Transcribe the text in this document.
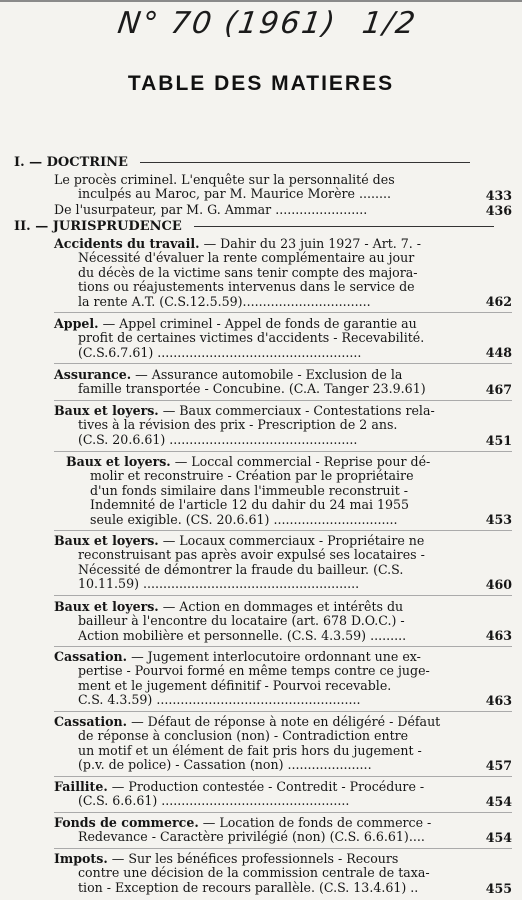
N° 70 (1961) 1/2
TABLE DES MATIERES
I. — DOCTRINE
Le procès criminel. L'enquête sur la personnalité des
inculpés au Maroc, par M. Maurice Morère ........	433
De l'usurpateur, par M. G. Ammar .......................	436
II. — JURISPRUDENCE
Accidents du travail. — Dahir du 23 juin 1927 - Art. 7. -
Nécessité d'évaluer la rente complémentaire au jour
du décès de la victime sans tenir compte des majora-
tions ou réajustements intervenus dans le service de
la rente A.T. (C.S.12.5.59)................................	462
Appel. — Appel criminel - Appel de fonds de garantie au
profit de certaines victimes d'accidents - Recevabilité.
(C.S.6.7.61) ...................................................	448
Assurance. — Assurance automobile - Exclusion de la
famille transportée - Concubine. (C.A. Tanger 23.9.61)	467
Baux et loyers. — Baux commerciaux - Contestations rela-
tives à la révision des prix - Prescription de 2 ans.
(C.S. 20.6.61) ...............................................	451
Baux et loyers. — Loccal commercial - Reprise pour dé-
molir et reconstruire - Création par le propriétaire
d'un fonds similaire dans l'immeuble reconstruit -
Indemnité de l'article 12 du dahir du 24 mai 1955
seule exigible. (CS. 20.6.61) ...............................	453
Baux et loyers. — Locaux commerciaux - Propriétaire ne
reconstruisant pas après avoir expulsé ses locataires -
Nécessité de démontrer la fraude du bailleur. (C.S.
10.11.59) ......................................................	460
Baux et loyers. — Action en dommages et intérêts du
bailleur à l'encontre du locataire (art. 678 D.O.C.) -
Action mobilière et personnelle. (C.S. 4.3.59) .........	463
Cassation. — Jugement interlocutoire ordonnant une ex-
pertise - Pourvoi formé en même temps contre ce juge-
ment et le jugement définitif - Pourvoi recevable.
C.S. 4.3.59) ...................................................	463
Cassation. — Défaut de réponse à note en déligéré - Défaut
de réponse à conclusion (non) - Contradiction entre
un motif et un élément de fait pris hors du jugement -
(p.v. de police) - Cassation (non) .....................	457
Faillite. — Production contestée - Contredit - Procédure -
(C.S. 6.6.61) ...............................................	454
Fonds de commerce. — Location de fonds de commerce -
Redevance - Caractère privilégié (non) (C.S. 6.6.61)....	454
Impots. — Sur les bénéfices professionnels - Recours
contre une décision de la commission centrale de taxa-
tion - Exception de recours parallèle. (C.S. 13.4.61) ..	455
